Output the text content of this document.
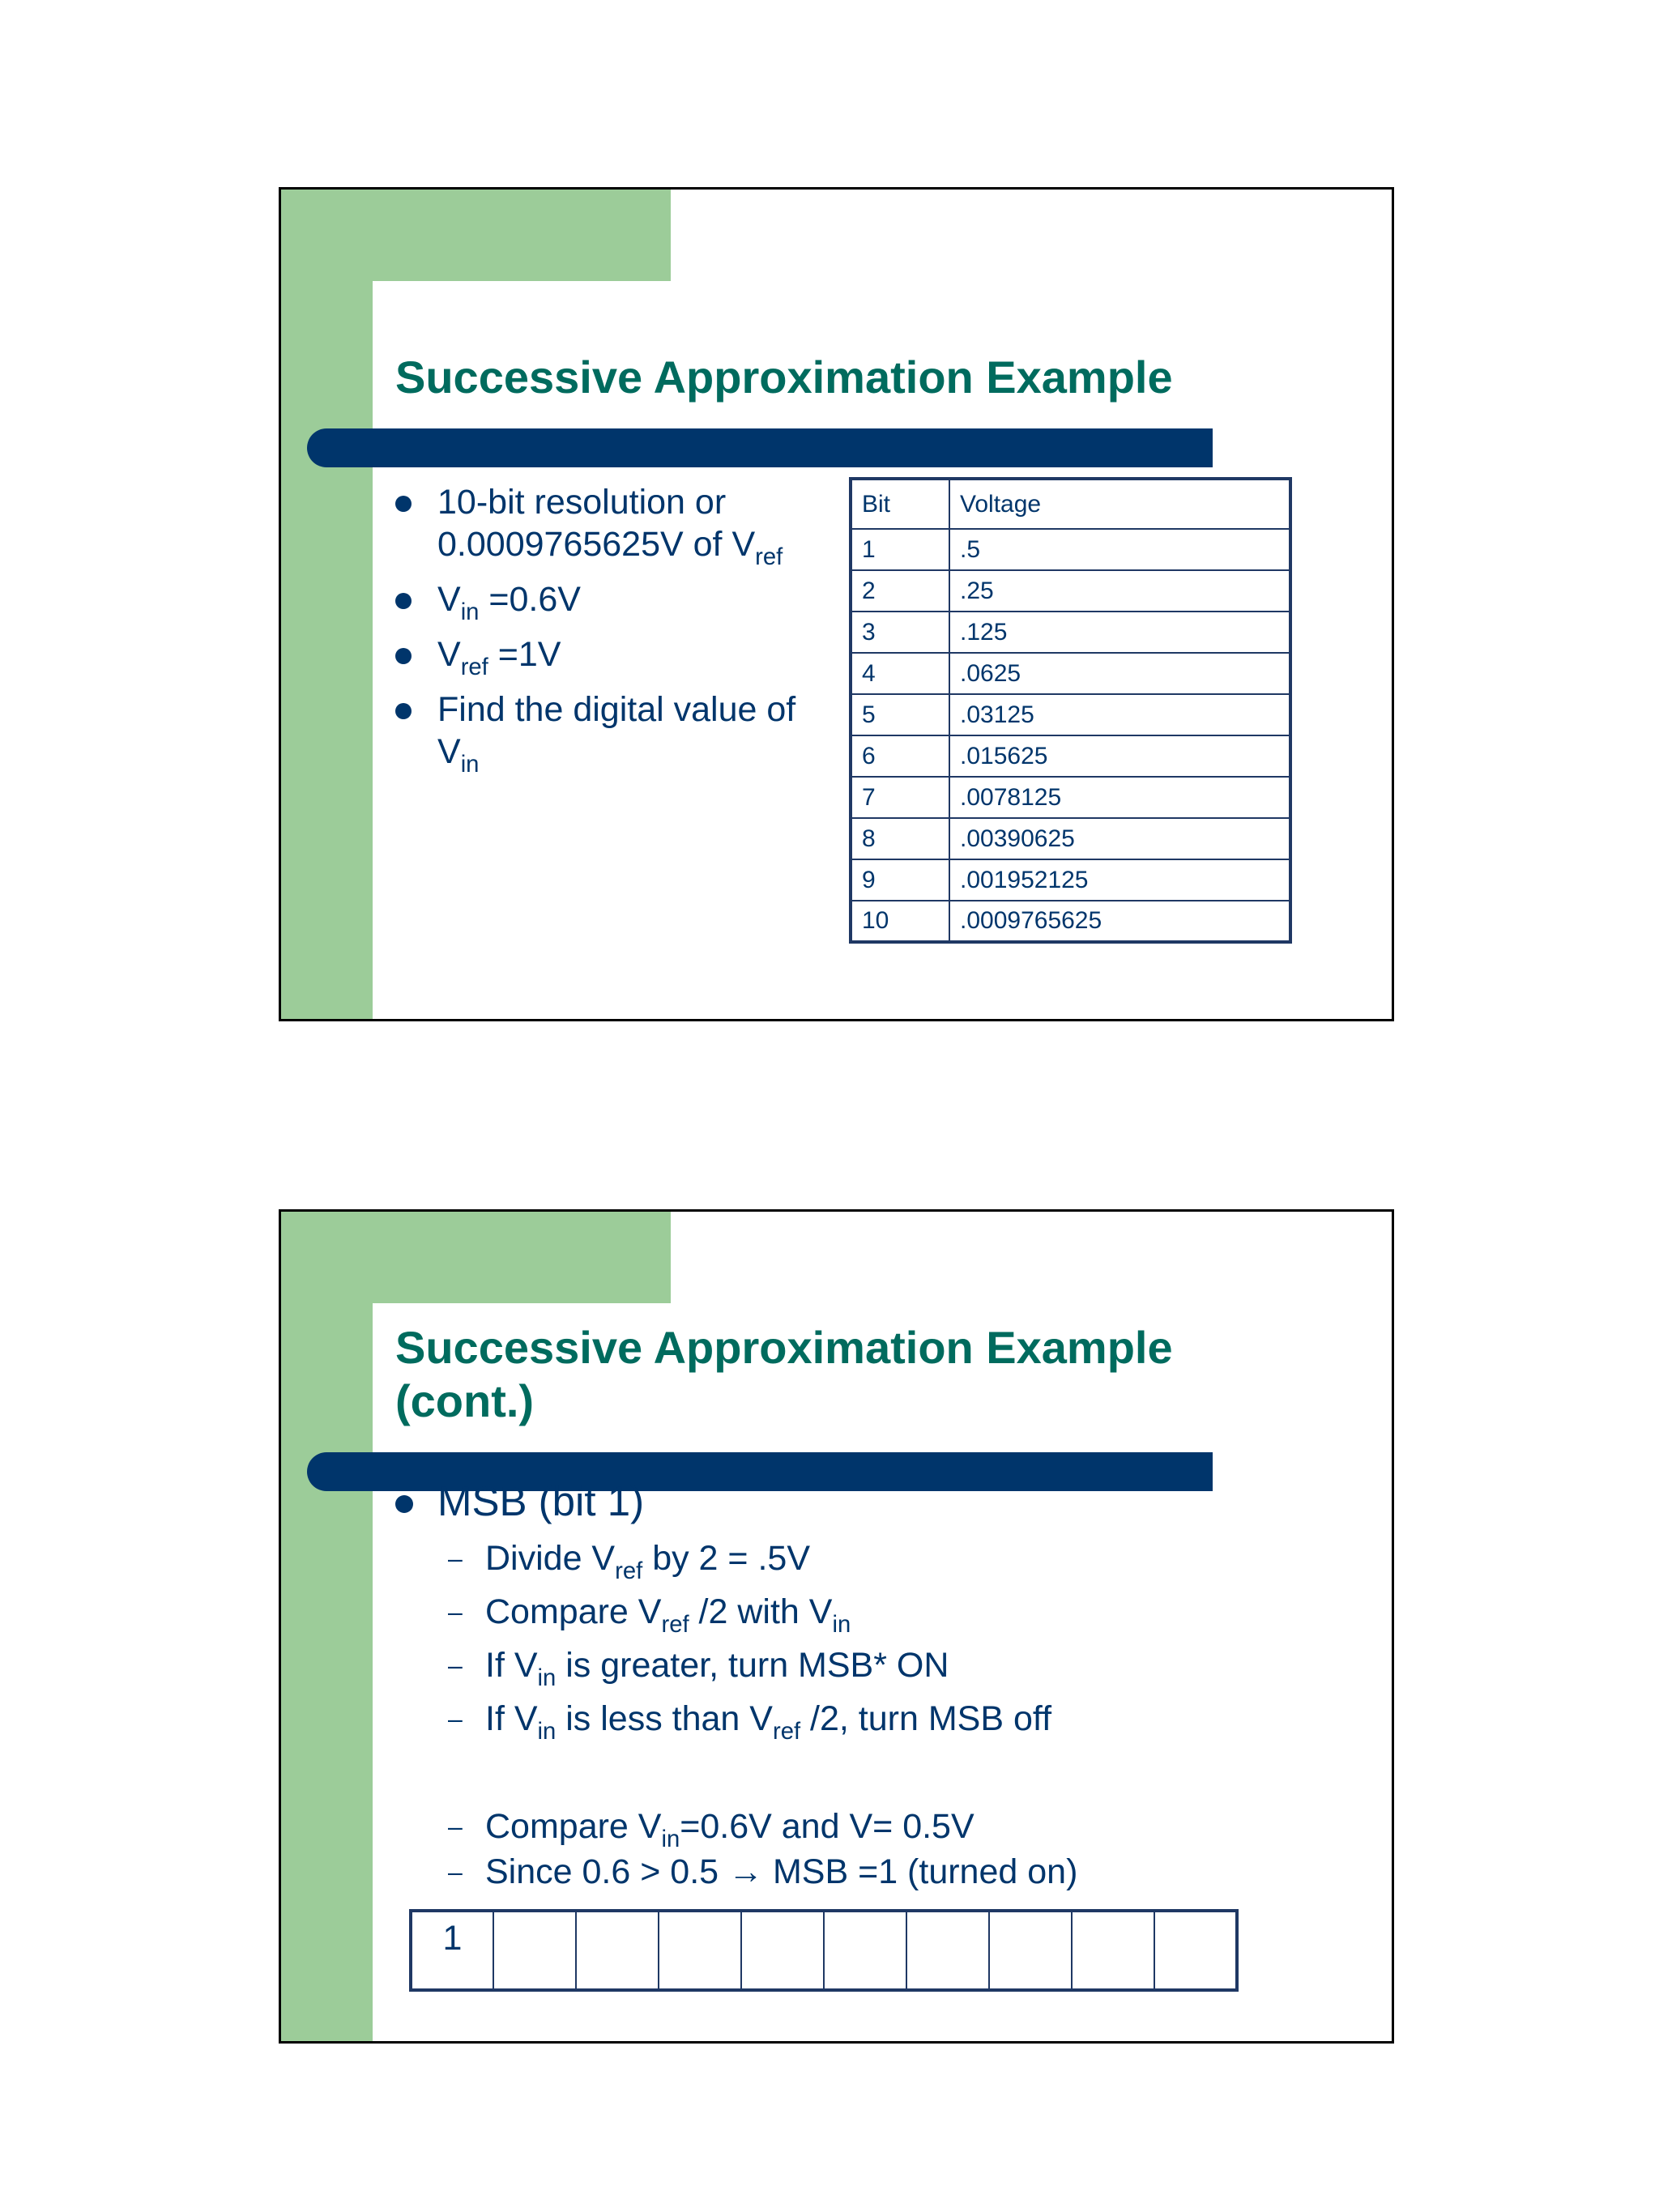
Successive Approximation Example
10-bit resolution or 0.0009765625V of $V_{ref}$
$V_{in} =0.6V$
$V_{ref} =1V$
Find the digital value of $V_{in}$
Bit	Voltage
1	.5
2	.25
3	.125
4	.0625
5	.03125
6	.015625
7	.0078125
8	.00390625
9	.001952125
10	.0009765625
Successive Approximation Example
(cont.)
MSB (bit 1)
– Divide $V_{ref}$ by 2 = .5V
– Compare $V_{ref}$ /2 with $V_{in}$
– If $V_{in}$ is greater, turn MSB* ON
– If $V_{in}$ is less than $V_{ref}$ /2, turn MSB off
– Compare $V_{in}=0.6V$ and V= 0.5V
– Since 0.6 > 0.5 → MSB =1 (turned on)
1									
